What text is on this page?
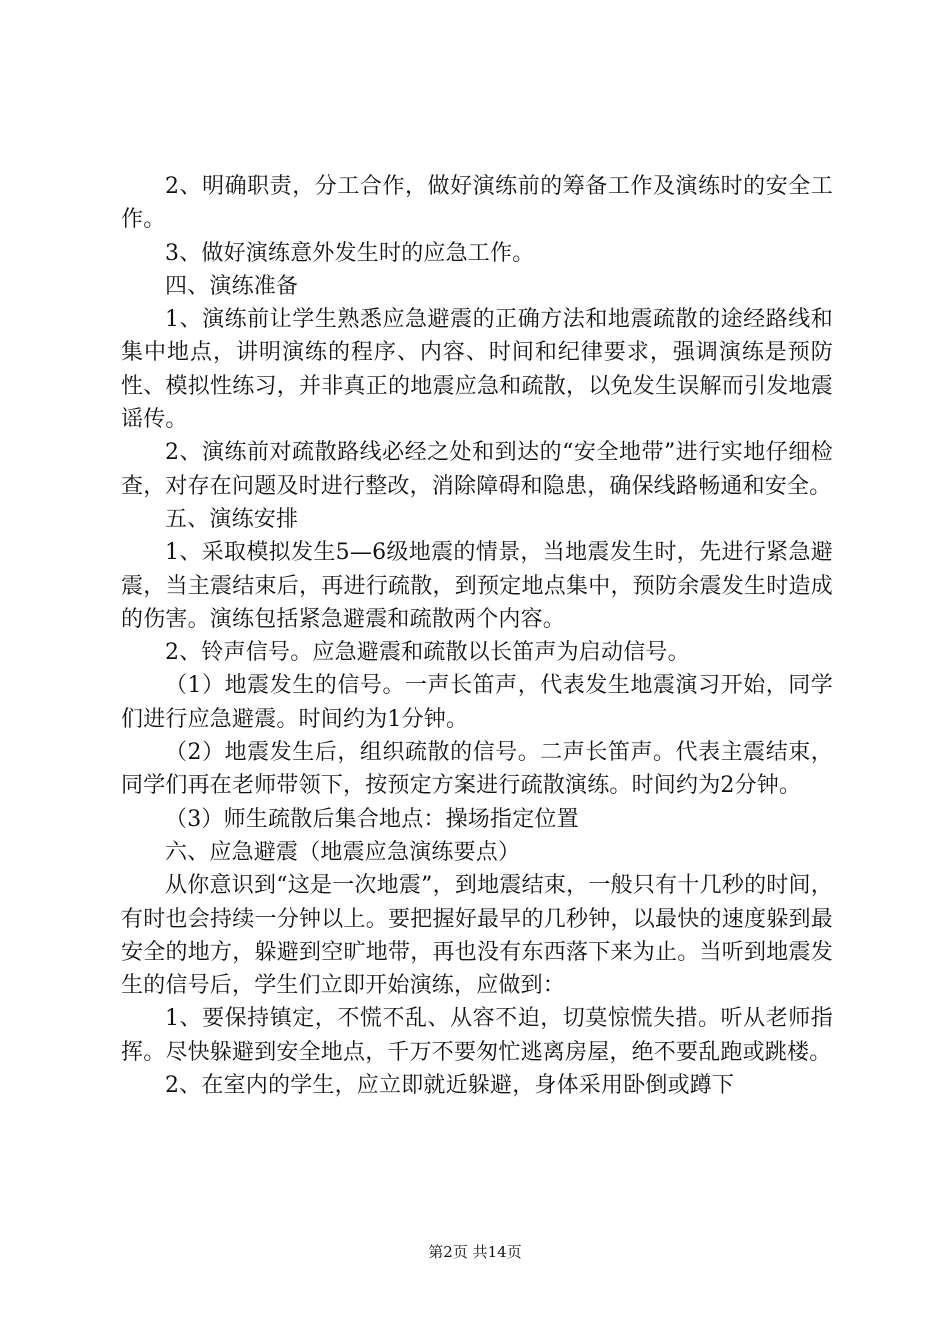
2、明确职责，分工合作，做好演练前的筹备工作及演练时的安全工作。

3、做好演练意外发生时的应急工作。

四、演练准备

1、演练前让学生熟悉应急避震的正确方法和地震疏散的途经路线和集中地点，讲明演练的程序、内容、时间和纪律要求，强调演练是预防性、模拟性练习，并非真正的地震应急和疏散，以免发生误解而引发地震谣传。

2、演练前对疏散路线必经之处和到达的“安全地带”进行实地仔细检查，对存在问题及时进行整改，消除障碍和隐患，确保线路畅通和安全。

五、演练安排

1、采取模拟发生5—6级地震的情景，当地震发生时，先进行紧急避震，当主震结束后，再进行疏散，到预定地点集中，预防余震发生时造成的伤害。演练包括紧急避震和疏散两个内容。

2、铃声信号。应急避震和疏散以长笛声为启动信号。

（1）地震发生的信号。一声长笛声，代表发生地震演习开始，同学们进行应急避震。时间约为1分钟。

（2）地震发生后，组织疏散的信号。二声长笛声。代表主震结束，同学们再在老师带领下，按预定方案进行疏散演练。时间约为2分钟。

（3）师生疏散后集合地点：操场指定位置

六、应急避震（地震应急演练要点）

从你意识到“这是一次地震”，到地震结束，一般只有十几秒的时间，有时也会持续一分钟以上。要把握好最早的几秒钟，以最快的速度躲到最安全的地方，躲避到空旷地带，再也没有东西落下来为止。当听到地震发生的信号后，学生们立即开始演练，应做到：

1、要保持镇定，不慌不乱、从容不迫，切莫惊慌失措。听从老师指挥。尽快躲避到安全地点，千万不要匆忙逃离房屋，绝不要乱跑或跳楼。

2、在室内的学生，应立即就近躲避，身体采用卧倒或蹲下

第2页 共14页
